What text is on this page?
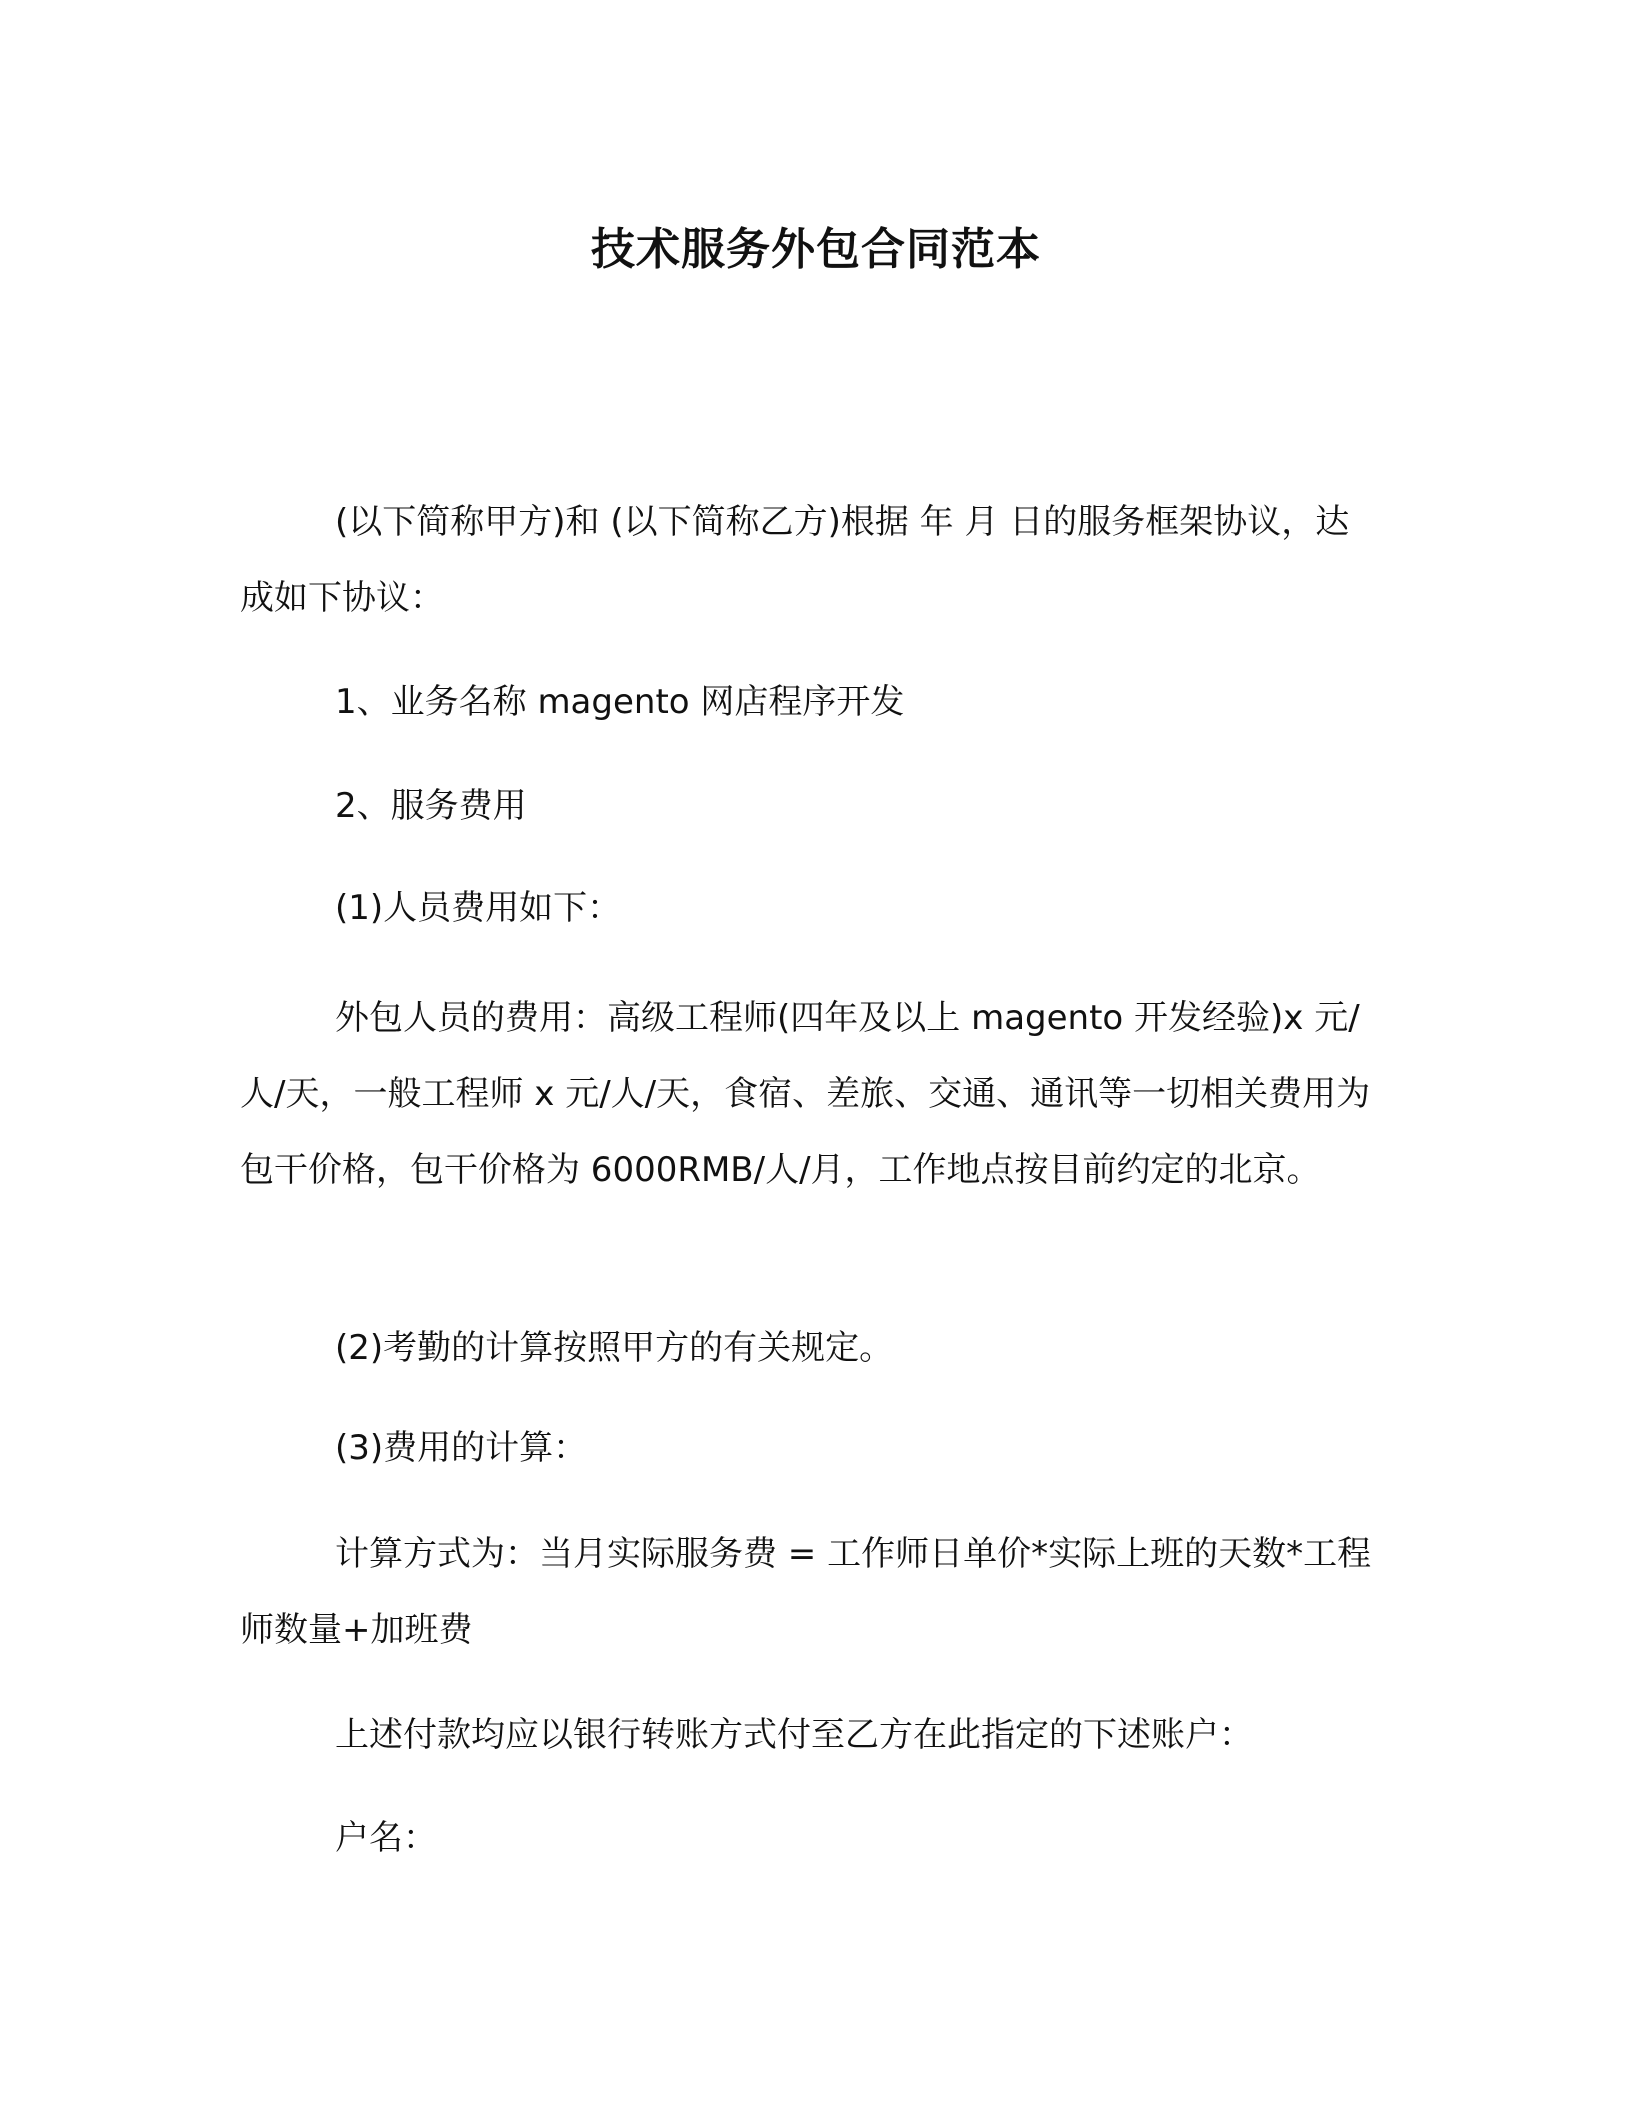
技术服务外包合同范本

(以下简称甲方)和 (以下简称乙方)根据 年 月 日的服务框架协议，达成如下协议：

1、业务名称 magento 网店程序开发

2、服务费用

(1)人员费用如下：

外包人员的费用：高级工程师(四年及以上 magento 开发经验)x 元/人/天，一般工程师 x 元/人/天，食宿、差旅、交通、通讯等一切相关费用为包干价格，包干价格为 6000RMB/人/月，工作地点按目前约定的北京。

(2)考勤的计算按照甲方的有关规定。

(3)费用的计算：

计算方式为：当月实际服务费 = 工作师日单价*实际上班的天数*工程师数量+加班费

上述付款均应以银行转账方式付至乙方在此指定的下述账户：

户名：
